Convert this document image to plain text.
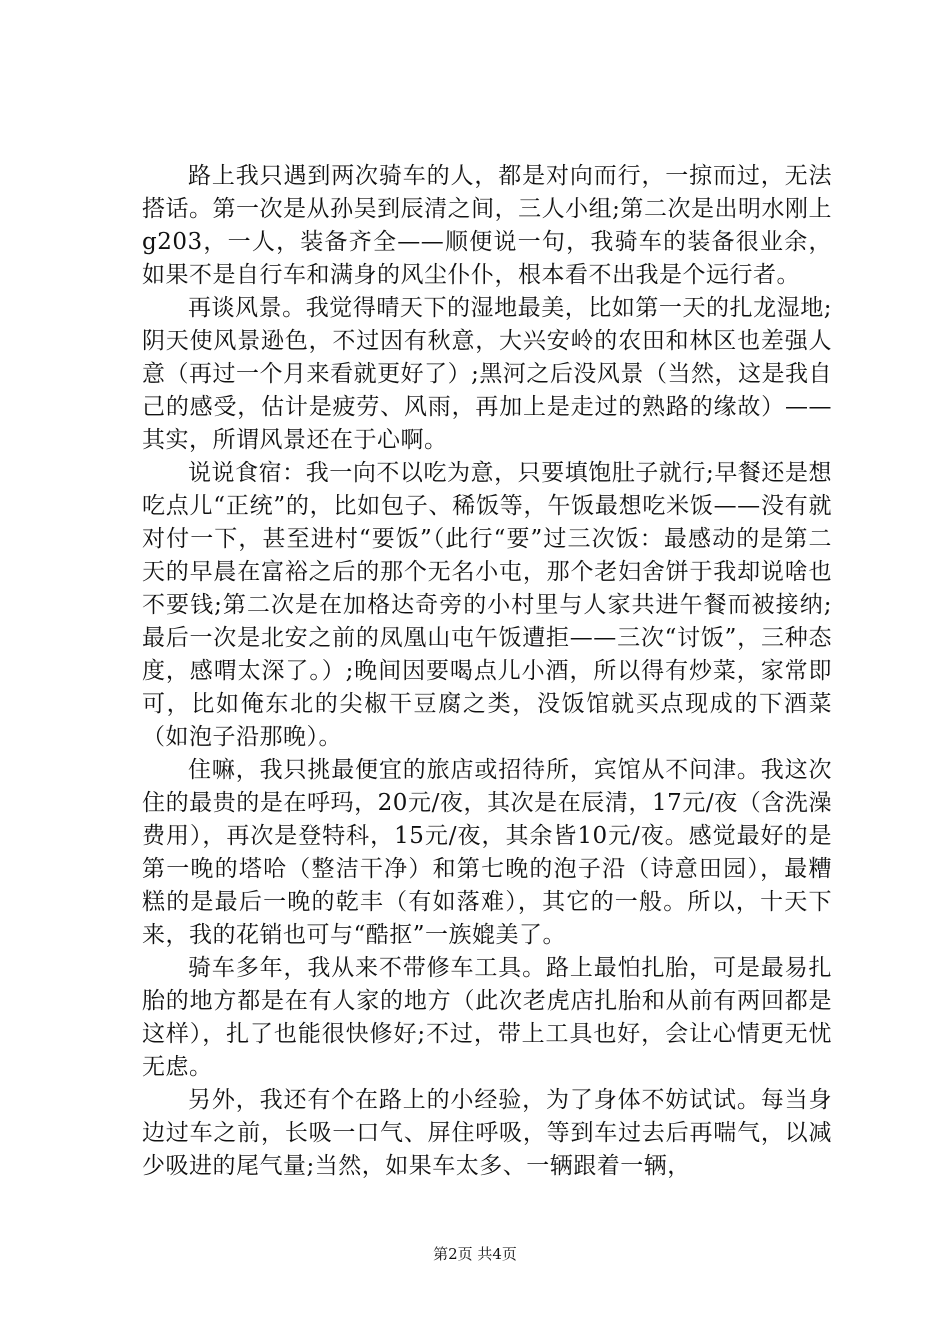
路上我只遇到两次骑车的人，都是对向而行，一掠而过，无法搭话。第一次是从孙吴到辰清之间，三人小组;第二次是出明水刚上g203，一人，装备齐全——顺便说一句，我骑车的装备很业余，如果不是自行车和满身的风尘仆仆，根本看不出我是个远行者。

再谈风景。我觉得晴天下的湿地最美，比如第一天的扎龙湿地;阴天使风景逊色，不过因有秋意，大兴安岭的农田和林区也差强人意（再过一个月来看就更好了）;黑河之后没风景（当然，这是我自己的感受，估计是疲劳、风雨，再加上是走过的熟路的缘故）——其实，所谓风景还在于心啊。

说说食宿：我一向不以吃为意，只要填饱肚子就行;早餐还是想吃点儿“正统”的，比如包子、稀饭等，午饭最想吃米饭——没有就对付一下，甚至进村“要饭”（此行“要”过三次饭：最感动的是第二天的早晨在富裕之后的那个无名小屯，那个老妇舍饼于我却说啥也不要钱;第二次是在加格达奇旁的小村里与人家共进午餐而被接纳;最后一次是北安之前的凤凰山屯午饭遭拒——三次“讨饭”，三种态度，感喟太深了。）;晚间因要喝点儿小酒，所以得有炒菜，家常即可，比如俺东北的尖椒干豆腐之类，没饭馆就买点现成的下酒菜（如泡子沿那晚）。

住嘛，我只挑最便宜的旅店或招待所，宾馆从不问津。我这次住的最贵的是在呼玛，20元/夜，其次是在辰清，17元/夜（含洗澡费用），再次是登特科，15元/夜，其余皆10元/夜。感觉最好的是第一晚的塔哈（整洁干净）和第七晚的泡子沿（诗意田园），最糟糕的是最后一晚的乾丰（有如落难），其它的一般。所以，十天下来，我的花销也可与“酷抠”一族媲美了。

骑车多年，我从来不带修车工具。路上最怕扎胎，可是最易扎胎的地方都是在有人家的地方（此次老虎店扎胎和从前有两回都是这样），扎了也能很快修好;不过，带上工具也好，会让心情更无忧无虑。

另外，我还有个在路上的小经验，为了身体不妨试试。每当身边过车之前，长吸一口气、屏住呼吸，等到车过去后再喘气，以减少吸进的尾气量;当然，如果车太多、一辆跟着一辆，

第2页 共4页
